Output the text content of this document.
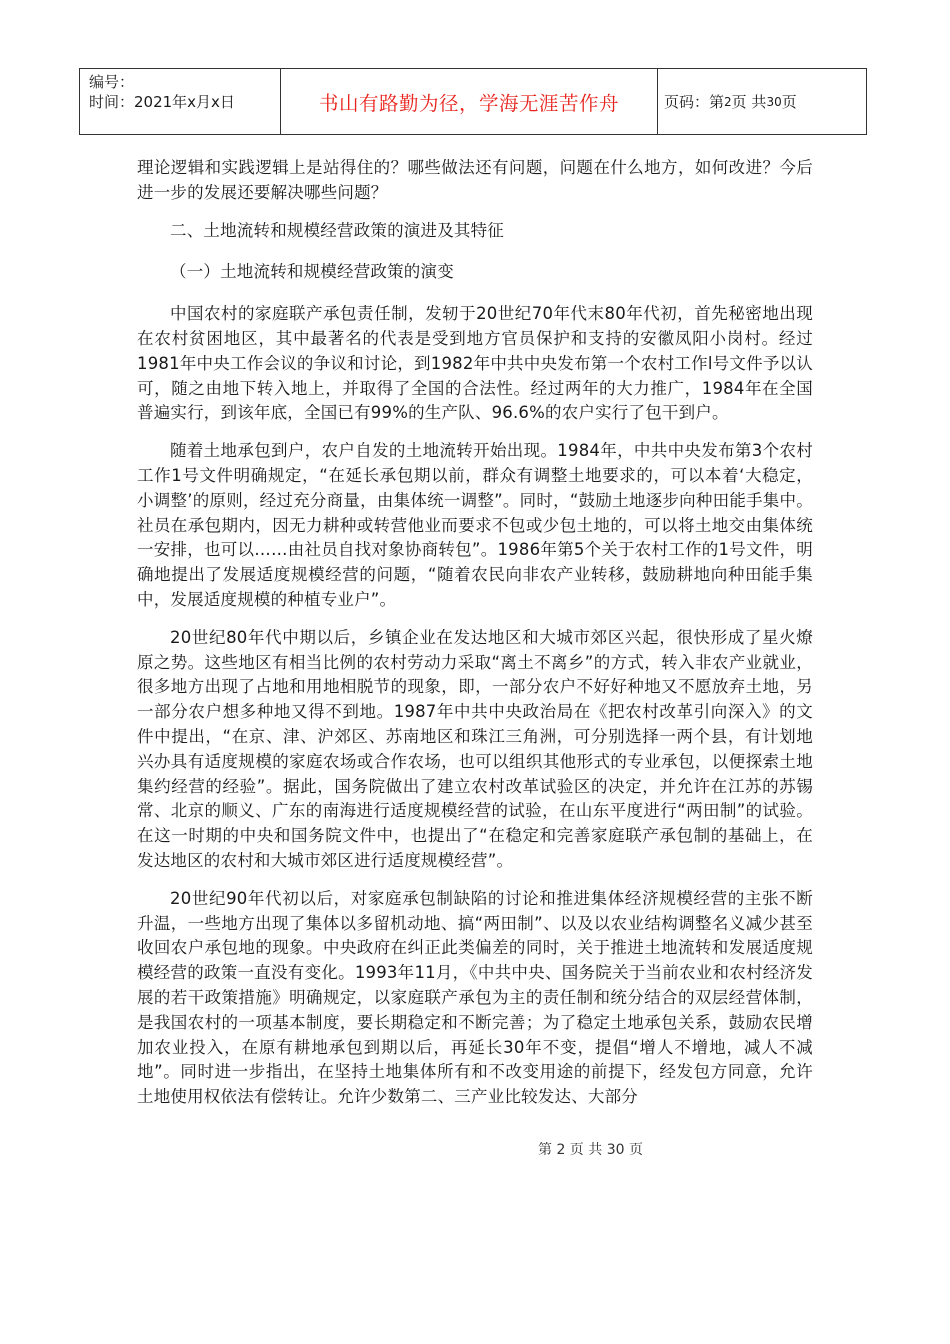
编号：
时间：2021年x月x日	书山有路勤为径，学海无涯苦作舟	页码：第 2 页 共 30 页

理论逻辑和实践逻辑上是站得住的？哪些做法还有问题，问题在什么地方，如何改进？今后进一步的发展还要解决哪些问题？

二、土地流转和规模经营政策的演进及其特征

（一）土地流转和规模经营政策的演变

中国农村的家庭联产承包责任制，发轫于20世纪70年代末80年代初，首先秘密地出现在农村贫困地区，其中最著名的代表是受到地方官员保护和支持的安徽凤阳小岗村。经过1981年中央工作会议的争议和讨论，到1982年中共中央发布第一个农村工作l号文件予以认可，随之由地下转入地上，并取得了全国的合法性。经过两年的大力推广，1984年在全国普遍实行，到该年底，全国已有99%的生产队、96.6%的农户实行了包干到户。

随着土地承包到户，农户自发的土地流转开始出现。1984年，中共中央发布第3个农村工作1号文件明确规定，“在延长承包期以前，群众有调整土地要求的，可以本着‘大稳定，小调整’的原则，经过充分商量，由集体统一调整”。同时，“鼓励土地逐步向种田能手集中。社员在承包期内，因无力耕种或转营他业而要求不包或少包土地的，可以将土地交由集体统一安排，也可以……由社员自找对象协商转包”。1986年第5个关于农村工作的1号文件，明确地提出了发展适度规模经营的问题，“随着农民向非农产业转移，鼓励耕地向种田能手集中，发展适度规模的种植专业户”。

20世纪80年代中期以后，乡镇企业在发达地区和大城市郊区兴起，很快形成了星火燎原之势。这些地区有相当比例的农村劳动力采取“离土不离乡”的方式，转入非农产业就业，很多地方出现了占地和用地相脱节的现象，即，一部分农户不好好种地又不愿放弃土地，另一部分农户想多种地又得不到地。1987年中共中央政治局在《把农村改革引向深入》的文件中提出，“在京、津、沪郊区、苏南地区和珠江三角洲，可分别选择一两个县，有计划地兴办具有适度规模的家庭农场或合作农场，也可以组织其他形式的专业承包，以便探索土地集约经营的经验”。据此，国务院做出了建立农村改革试验区的决定，并允许在江苏的苏锡常、北京的顺义、广东的南海进行适度规模经营的试验，在山东平度进行“两田制”的试验。在这一时期的中央和国务院文件中，也提出了“在稳定和完善家庭联产承包制的基础上，在发达地区的农村和大城市郊区进行适度规模经营”。

20世纪90年代初以后，对家庭承包制缺陷的讨论和推进集体经济规模经营的主张不断升温，一些地方出现了集体以多留机动地、搞“两田制”、以及以农业结构调整名义减少甚至收回农户承包地的现象。中央政府在纠正此类偏差的同时，关于推进土地流转和发展适度规模经营的政策一直没有变化。1993年11月，《中共中央、国务院关于当前农业和农村经济发展的若干政策措施》明确规定，以家庭联产承包为主的责任制和统分结合的双层经营体制，是我国农村的一项基本制度，要长期稳定和不断完善；为了稳定土地承包关系，鼓励农民增加农业投入，在原有耕地承包到期以后，再延长30年不变，提倡“增人不增地，减人不减地”。同时进一步指出，在坚持土地集体所有和不改变用途的前提下，经发包方同意，允许土地使用权依法有偿转让。允许少数第二、三产业比较发达、大部分

第 2 页 共 30 页
